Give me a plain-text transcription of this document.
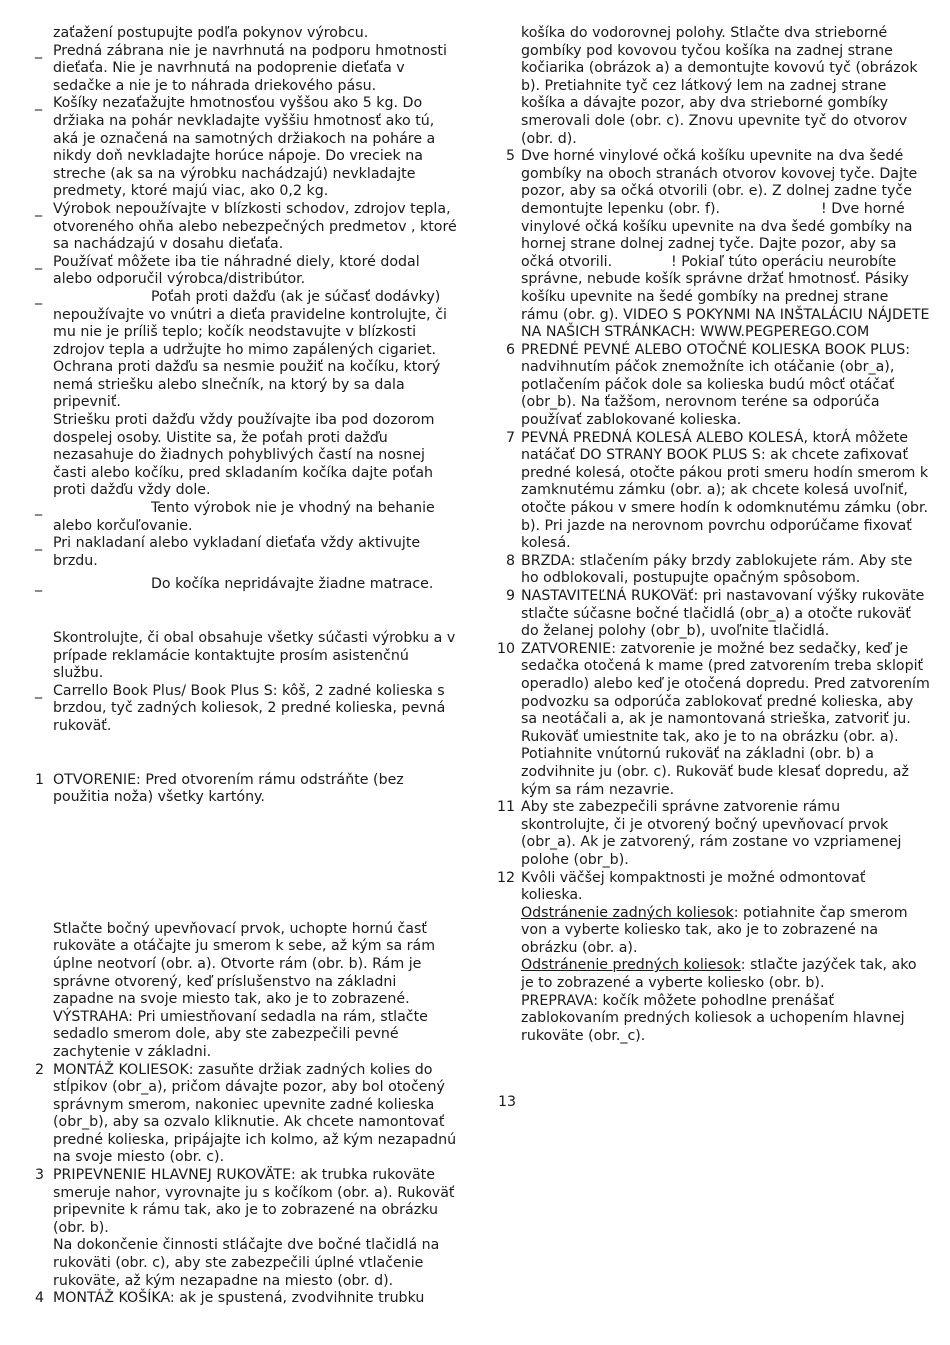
zaťažení postupujte podľa pokynov výrobcu.
_ Predná zábrana nie je navrhnutá na podporu hmotnosti dieťaťa. Nie je navrhnutá na podoprenie dieťaťa v sedačke a nie je to náhrada driekového pásu.
_ Košíky nezaťažujte hmotnosťou vyššou ako 5 kg. Do držiaka na pohár nevkladajte vyššiu hmotnosť ako tú, aká je označená na samotných držiakoch na poháre a nikdy doň nevkladajte horúce nápoje. Do vreciek na streche (ak sa na výrobku nachádzajú) nevkladajte predmety, ktoré majú viac, ako 0,2 kg.
_ Výrobok nepoužívajte v blízkosti schodov, zdrojov tepla, otvoreného ohňa alebo nebezpečných predmetov , ktoré sa nachádzajú v dosahu dieťaťa.
_ Používať môžete iba tie náhradné diely, ktoré dodal alebo odporučil výrobca/distribútor.
_	Poťah proti dažďu (ak je súčasť dodávky) nepoužívajte vo vnútri a dieťa pravidelne kontrolujte, či mu nie je príliš teplo; kočík neodstavujte v blízkosti zdrojov tepla a udržujte ho mimo zapálených cigariet. Ochrana proti dažďu sa nesmie použiť na kočíku, ktorý nemá striešku alebo slnečník, na ktorý by sa dala pripevniť.
Striešku proti dažďu vždy používajte iba pod dozorom dospelej osoby. Uistite sa, že poťah proti dažďu nezasahuje do žiadnych pohyblivých častí na nosnej časti alebo kočíku, pred skladaním kočíka dajte poťah proti dažďu vždy dole.
_	Tento výrobok nie je vhodný na behanie alebo korčuľovanie.
_ Pri nakladaní alebo vykladaní dieťaťa vždy aktivujte brzdu.
_	Do kočíka nepridávajte žiadne matrace.
Skontrolujte, či obal obsahuje všetky súčasti výrobku a v prípade reklamácie kontaktujte prosím asistenčnú službu.
_ Carrello Book Plus/ Book Plus S: kôš, 2 zadné kolieska s brzdou, tyč zadných koliesok, 2 predné kolieska, pevná rukoväť.
1 OTVORENIE: Pred otvorením rámu odstráňte (bez použitia noža) všetky kartóny.
Stlačte bočný upevňovací prvok, uchopte hornú časť rukoväte a otáčajte ju smerom k sebe, až kým sa rám úplne neotvorí (obr. a). Otvorte rám (obr. b). Rám je správne otvorený, keď príslušenstvo na základni zapadne na svoje miesto tak, ako je to zobrazené. VÝSTRAHA: Pri umiestňovaní sedadla na rám, stlačte sedadlo smerom dole, aby ste zabezpečili pevné zachytenie v základni.
2 MONTÁŽ KOLIESOK: zasuňte držiak zadných kolies do stĺpikov (obr_a), pričom dávajte pozor, aby bol otočený správnym smerom, nakoniec upevnite zadné kolieska (obr_b), aby sa ozvalo kliknutie. Ak chcete namontovať predné kolieska, pripájajte ich kolmo, až kým nezapadnú na svoje miesto (obr. c).
3 PRIPEVNENIE HLAVNEJ RUKOVÄTE: ak trubka rukoväte smeruje nahor, vyrovnajte ju s kočíkom (obr. a). Rukoväť pripevnite k rámu tak, ako je to zobrazené na obrázku (obr. b).
Na dokončenie činnosti stláčajte dve bočné tlačidlá na rukoväti (obr. c), aby ste zabezpečili úplné vtlačenie rukoväte, až kým nezapadne na miesto (obr. d).
4 MONTÁŽ KOŠÍKA: ak je spustená, zvodvihnite trubku
košíka do vodorovnej polohy. Stlačte dva strieborné gombíky pod kovovou tyčou košíka na zadnej strane kočiarika (obrázok a) a demontujte kovovú tyč (obrázok b). Pretiahnite tyč cez látkový lem na zadnej strane košíka a dávajte pozor, aby dva strieborné gombíky smerovali dole (obr. c). Znovu upevnite tyč do otvorov (obr. d).
5 Dve horné vinylové očká košíku upevnite na dva šedé gombíky na oboch stranách otvorov kovovej tyče. Dajte pozor, aby sa očká otvorili (obr. e). Z dolnej zadne tyče demontujte lepenku (obr. f).	! Dve horné vinylové očká košíku upevnite na dva šedé gombíky na hornej strane dolnej zadnej tyče. Dajte pozor, aby sa očká otvorili.	! Pokiaľ túto operáciu neurobíte správne, nebude košík správne držať hmotnosť. Pásiky košíku upevnite na šedé gombíky na prednej strane rámu (obr. g). VIDEO S POKYNMI NA INŠTALÁCIU NÁJDETE NA NAŠICH STRÁNKACH: WWW.PEGPEREGO.COM
6 PREDNÉ PEVNÉ ALEBO OTOČNÉ KOLIESKA BOOK PLUS: nadvihnutím páčok znemožníte ich otáčanie (obr_a), potlačením páčok dole sa kolieska budú môcť otáčať (obr_b). Na ťažšom, nerovnom teréne sa odporúča používať zablokované kolieska.
7 PEVNÁ PREDNÁ KOLESÁ ALEBO KOLESÁ, ktorÁ môžete natáčať DO STRANY BOOK PLUS S: ak chcete zafixovať predné kolesá, otočte pákou proti smeru hodín smerom k zamknutému zámku (obr. a); ak chcete kolesá uvoľniť, otočte pákou v smere hodín k odomknutému zámku (obr. b). Pri jazde na nerovnom povrchu odporúčame fixovať kolesá.
8 BRZDA: stlačením páky brzdy zablokujete rám. Aby ste ho odblokovali, postupujte opačným spôsobom.
9 NASTAVITEĽNÁ RUKOVäť: pri nastavovaní výšky rukoväte stlačte súčasne bočné tlačidlá (obr_a) a otočte rukoväť do želanej polohy (obr_b), uvoľnite tlačidlá.
10 ZATVORENIE: zatvorenie je možné bez sedačky, keď je sedačka otočená k mame (pred zatvorením treba sklopiť operadlo) alebo keď je otočená dopredu. Pred zatvorením podvozku sa odporúča zablokovať predné kolieska, aby sa neotáčali a, ak je namontovaná strieška, zatvoriť ju.
Rukoväť umiestnite tak, ako je to na obrázku (obr. a). Potiahnite vnútornú rukoväť na základni (obr. b) a zodvihnite ju (obr. c). Rukoväť bude klesať dopredu, až kým sa rám nezavrie.
11 Aby ste zabezpečili správne zatvorenie rámu skontrolujte, či je otvorený bočný upevňovací prvok (obr_a). Ak je zatvorený, rám zostane vo vzpriamenej polohe (obr_b).
12 Kvôli väčšej kompaktnosti je možné odmontovať kolieska.
Odstránenie zadných koliesok: potiahnite čap smerom von a vyberte koliesko tak, ako je to zobrazené na obrázku (obr. a).
Odstránenie predných koliesok: stlačte jazýček tak, ako je to zobrazené a vyberte koliesko (obr. b).
PREPRAVA: kočík môžete pohodlne prenášať zablokovaním predných koliesok a uchopením hlavnej rukoväte (obr._c).
13
